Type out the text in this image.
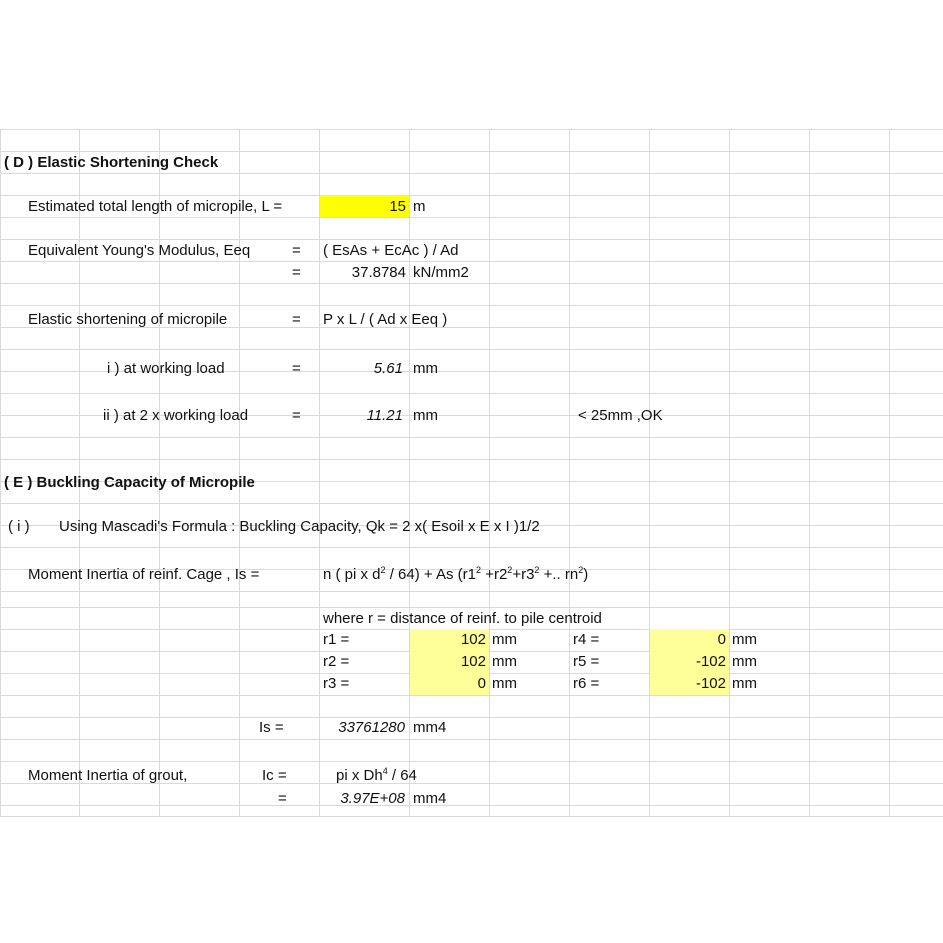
( D ) Elastic Shortening Check
Estimated total length of micropile, L =	15 m
Equivalent Young's Modulus, Eeq	= ( EsAs + EcAc ) / Ad
=	37.8784 kN/mm2
Elastic shortening of micropile	= P x L / ( Ad x Eeq )
i ) at working load	=	5.61 mm
ii ) at 2 x working load	=	11.21 mm	< 25mm ,OK
( E ) Buckling Capacity of Micropile
( i ) Using Mascadi's Formula : Buckling Capacity, Qk = 2 x( Esoil x E x I )1/2
Moment Inertia of reinf. Cage , Is =	n ( pi x $d^2 / 64) + As$ ($r1^2 +r2^2+r3^2$ +.. $rn^2$)
where r = distance of reinf. to pile centroid
r1 =	102 mm	r4 =	0 mm
r2 =	102 mm	r5 =	-102 mm
r3 =	0 mm	r6 =	-102 mm
Is =	33761280 mm4
Moment Inertia of grout,	Ic =	pi x Dh$^4$ / 64
=	3.97E+08 mm4
